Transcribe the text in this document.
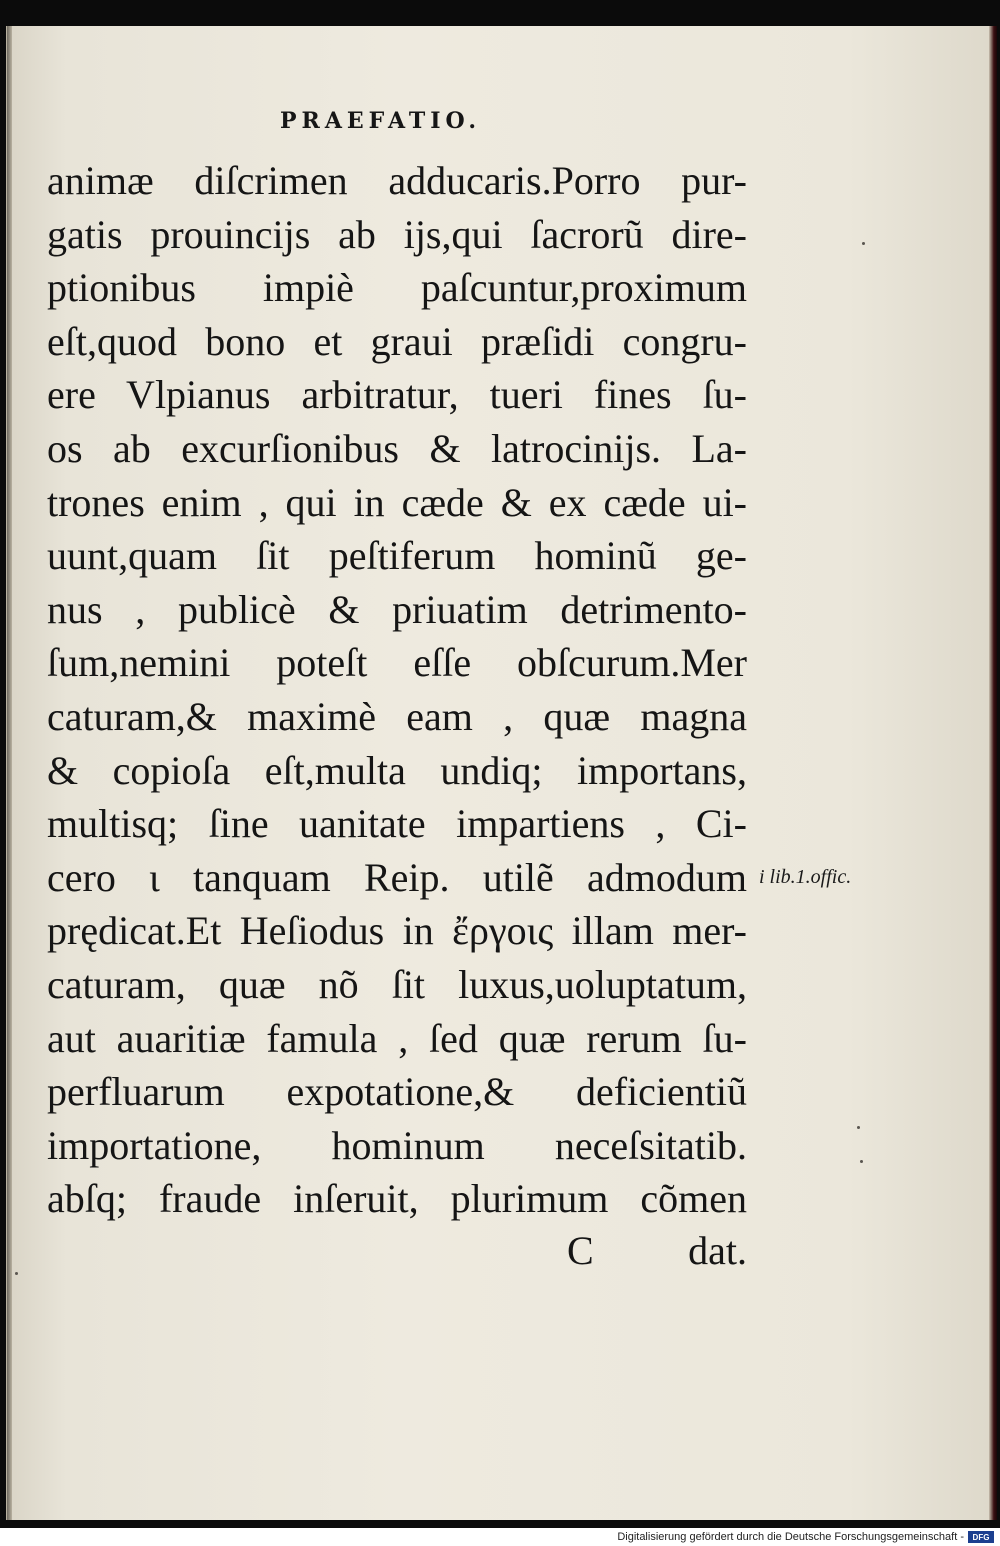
PRAEFATIO.
animæ diſcrimen adducaris.Porro pur-
gatis prouincijs ab ijs,qui ſacrorũ dire-
ptionibus impiè paſcuntur,proximum
eſt,quod bono et graui præſidi congru-
ere Vlpianus arbitratur, tueri fines ſu-
os ab excurſionibus & latrocinijs. La-
trones enim , qui in cæde & ex cæde ui-
uunt,quam ſit peſtiferum hominũ ge-
nus , publicè & priuatim detrimento-
ſum,nemini poteſt eſſe obſcurum.Mer
caturam,& maximè eam , quæ magna
& copioſa eſt,multa undiq; importans,
multisq; ſine uanitate impartiens , Ci-
cero ɩ tanquam Reip. utilẽ admodum
prędicat.Et Heſiodus in ἔργοις illam mer-
caturam, quæ nõ ſit luxus,uoluptatum,
aut auaritiæ famula , ſed quæ rerum ſu-
perfluarum expotatione,& deficientiũ
importatione, hominum neceſsitatib.
abſq; fraude inſeruit, plurimum cõmen
C dat.
i lib.1.offic.
Digitalisierung gefördert durch die Deutsche Forschungsgemeinschaft -	DFG
